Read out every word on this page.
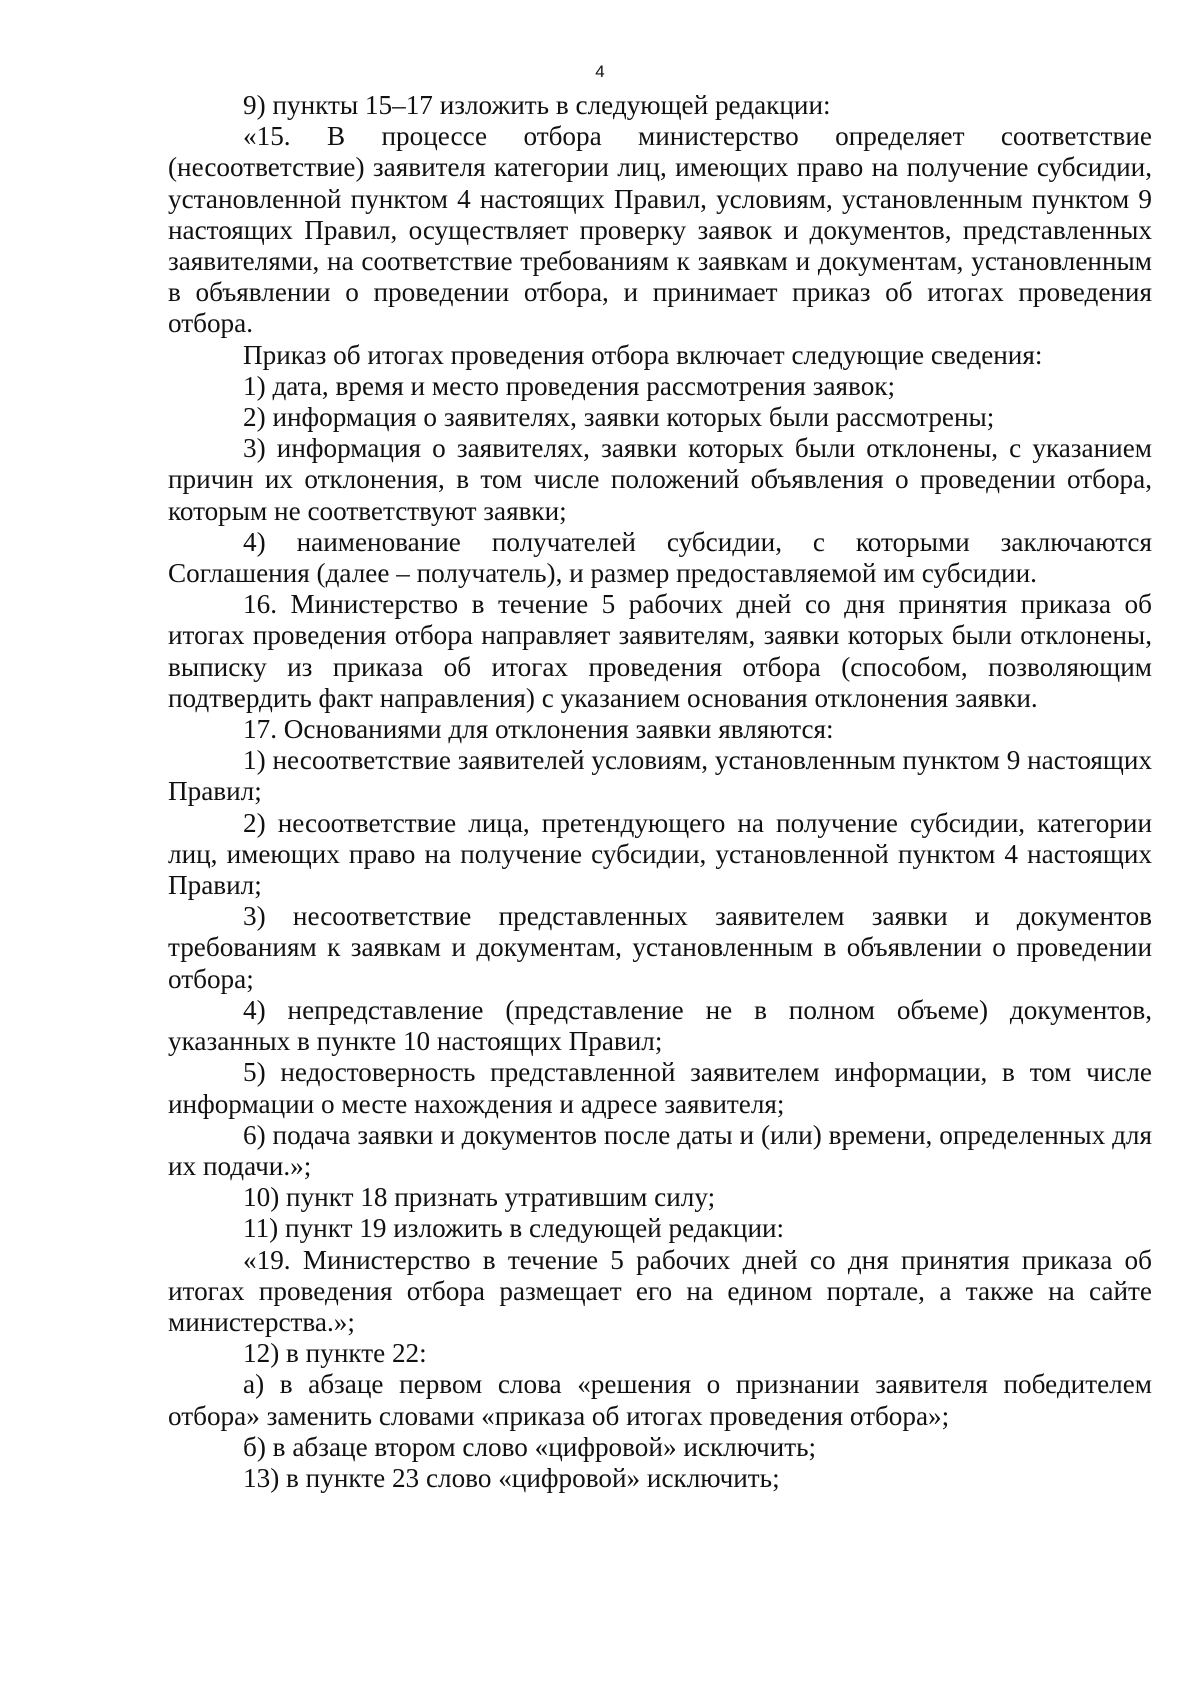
4

9) пункты 15–17 изложить в следующей редакции:

«15. В процессе отбора министерство определяет соответствие (несоответствие) заявителя категории лиц, имеющих право на получение субсидии, установленной пунктом 4 настоящих Правил, условиям, установленным пунктом 9 настоящих Правил, осуществляет проверку заявок и документов, представленных заявителями, на соответствие требованиям к заявкам и документам, установленным в объявлении о проведении отбора, и принимает приказ об итогах проведения отбора.

Приказ об итогах проведения отбора включает следующие сведения:

1) дата, время и место проведения рассмотрения заявок;

2) информация о заявителях, заявки которых были рассмотрены;

3) информация о заявителях, заявки которых были отклонены, с указанием причин их отклонения, в том числе положений объявления о проведении отбора, которым не соответствуют заявки;

4) наименование получателей субсидии, с которыми заключаются Соглашения (далее – получатель), и размер предоставляемой им субсидии.

16. Министерство в течение 5 рабочих дней со дня принятия приказа об итогах проведения отбора направляет заявителям, заявки которых были отклонены, выписку из приказа об итогах проведения отбора (способом, позволяющим подтвердить факт направления) с указанием основания отклонения заявки.

17. Основаниями для отклонения заявки являются:

1) несоответствие заявителей условиям, установленным пунктом 9 настоящих Правил;

2) несоответствие лица, претендующего на получение субсидии, категории лиц, имеющих право на получение субсидии, установленной пунктом 4 настоящих Правил;

3) несоответствие представленных заявителем заявки и документов требованиям к заявкам и документам, установленным в объявлении о проведении отбора;

4) непредставление (представление не в полном объеме) документов, указанных в пункте 10 настоящих Правил;

5) недостоверность представленной заявителем информации, в том числе информации о месте нахождения и адресе заявителя;

6) подача заявки и документов после даты и (или) времени, определенных для их подачи.»;

10) пункт 18 признать утратившим силу;

11) пункт 19 изложить в следующей редакции:

«19. Министерство в течение 5 рабочих дней со дня принятия приказа об итогах проведения отбора размещает его на едином портале, а также на сайте министерства.»;

12) в пункте 22:

а) в абзаце первом слова «решения о признании заявителя победителем отбора» заменить словами «приказа об итогах проведения отбора»;

б) в абзаце втором слово «цифровой» исключить;

13) в пункте 23 слово «цифровой» исключить;
